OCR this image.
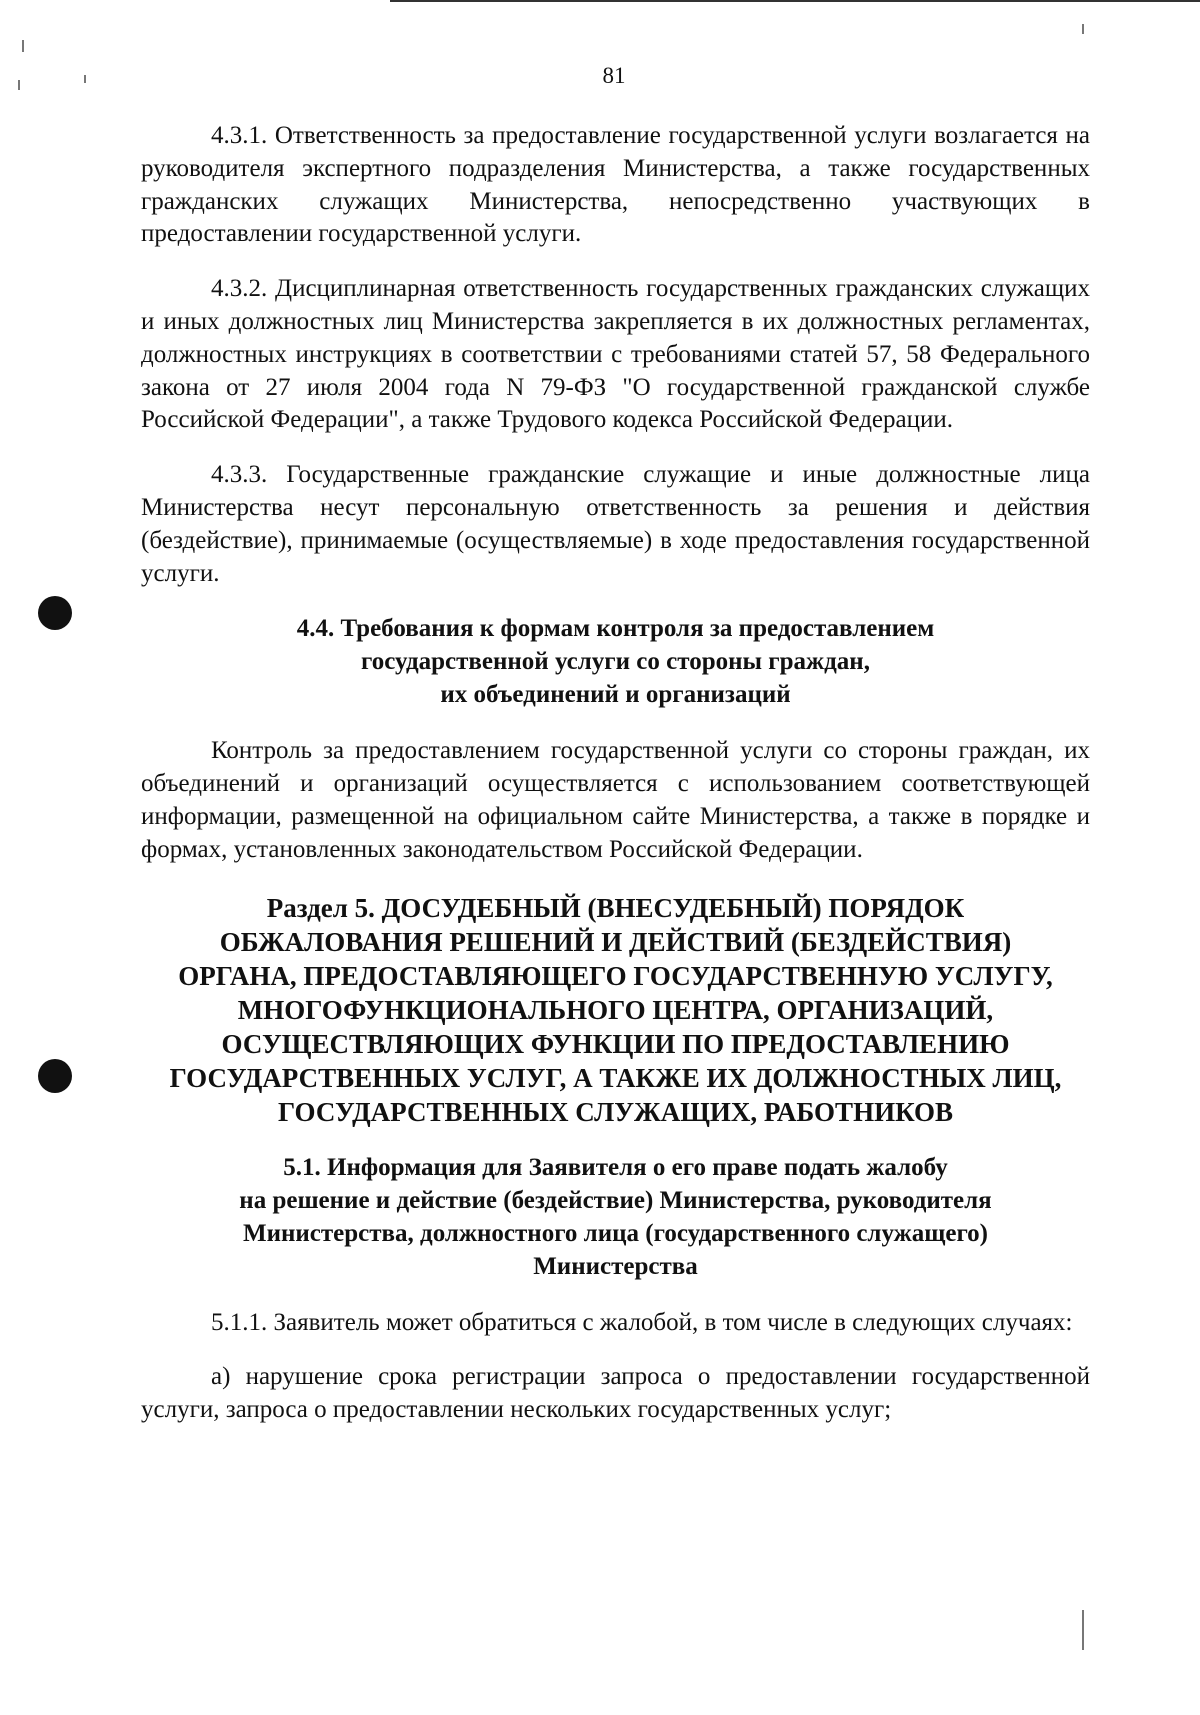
81

4.3.1. Ответственность за предоставление государственной услуги возлагается на руководителя экспертного подразделения Министерства, а также государственных гражданских служащих Министерства, непосредственно участвующих в предоставлении государственной услуги.

4.3.2. Дисциплинарная ответственность государственных гражданских служащих и иных должностных лиц Министерства закрепляется в их должностных регламентах, должностных инструкциях в соответствии с требованиями статей 57, 58 Федерального закона от 27 июля 2004 года N 79-ФЗ "О государственной гражданской службе Российской Федерации", а также Трудового кодекса Российской Федерации.

4.3.3. Государственные гражданские служащие и иные должностные лица Министерства несут персональную ответственность за решения и действия (бездействие), принимаемые (осуществляемые) в ходе предоставления государственной услуги.

4.4. Требования к формам контроля за предоставлением
государственной услуги со стороны граждан,
их объединений и организаций

Контроль за предоставлением государственной услуги со стороны граждан, их объединений и организаций осуществляется с использованием соответствующей информации, размещенной на официальном сайте Министерства, а также в порядке и формах, установленных законодательством Российской Федерации.

Раздел 5. ДОСУДЕБНЫЙ (ВНЕСУДЕБНЫЙ) ПОРЯДОК
ОБЖАЛОВАНИЯ РЕШЕНИЙ И ДЕЙСТВИЙ (БЕЗДЕЙСТВИЯ)
ОРГАНА, ПРЕДОСТАВЛЯЮЩЕГО ГОСУДАРСТВЕННУЮ УСЛУГУ,
МНОГОФУНКЦИОНАЛЬНОГО ЦЕНТРА, ОРГАНИЗАЦИЙ,
ОСУЩЕСТВЛЯЮЩИХ ФУНКЦИИ ПО ПРЕДОСТАВЛЕНИЮ
ГОСУДАРСТВЕННЫХ УСЛУГ, А ТАКЖЕ ИХ ДОЛЖНОСТНЫХ ЛИЦ,
ГОСУДАРСТВЕННЫХ СЛУЖАЩИХ, РАБОТНИКОВ
5.1. Информация для Заявителя о его праве подать жалобу
на решение и действие (бездействие) Министерства, руководителя
Министерства, должностного лица (государственного служащего)
Министерства

5.1.1. Заявитель может обратиться с жалобой, в том числе в следующих случаях:

а) нарушение срока регистрации запроса о предоставлении государственной услуги, запроса о предоставлении нескольких государственных услуг;
